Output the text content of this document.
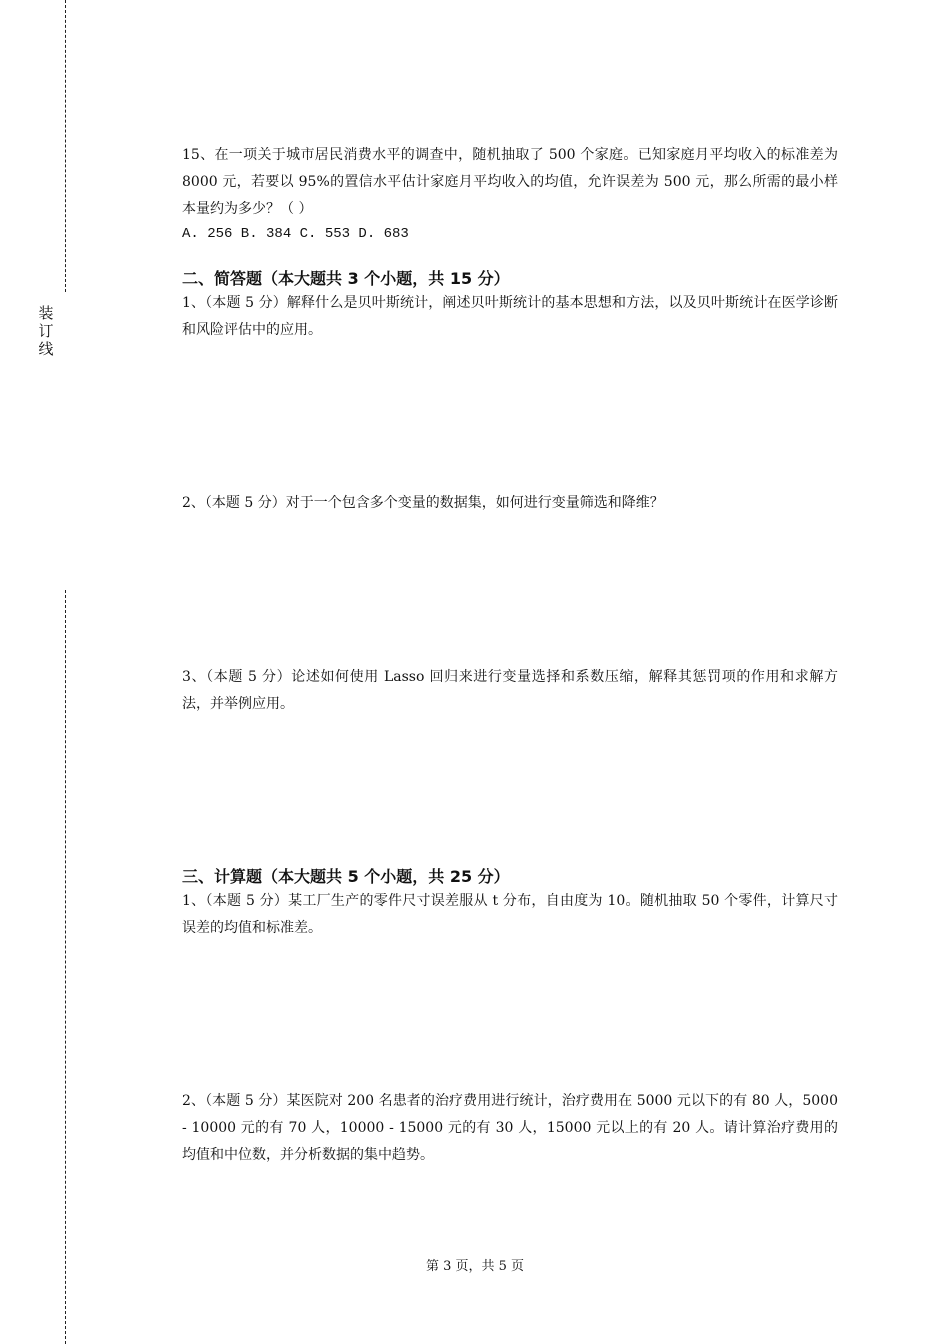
装
订
线

15、在一项关于城市居民消费水平的调查中，随机抽取了 500 个家庭。已知家庭月平均收入的标准差为 8000 元，若要以 95%的置信水平估计家庭月平均收入的均值，允许误差为 500 元，那么所需的最小样本量约为多少？（ ）

A. 256 B. 384 C. 553 D. 683

二、简答题（本大题共 3 个小题，共 15 分）

1、（本题 5 分）解释什么是贝叶斯统计，阐述贝叶斯统计的基本思想和方法，以及贝叶斯统计在医学诊断和风险评估中的应用。

2、（本题 5 分）对于一个包含多个变量的数据集，如何进行变量筛选和降维？

3、（本题 5 分）论述如何使用 Lasso 回归来进行变量选择和系数压缩，解释其惩罚项的作用和求解方法，并举例应用。

三、计算题（本大题共 5 个小题，共 25 分）

1、（本题 5 分）某工厂生产的零件尺寸误差服从 t 分布，自由度为 10。随机抽取 50 个零件，计算尺寸误差的均值和标准差。

2、（本题 5 分）某医院对 200 名患者的治疗费用进行统计，治疗费用在 5000 元以下的有 80 人，5000 - 10000 元的有 70 人，10000 - 15000 元的有 30 人，15000 元以上的有 20 人。请计算治疗费用的均值和中位数，并分析数据的集中趋势。

第 3 页，共 5 页
